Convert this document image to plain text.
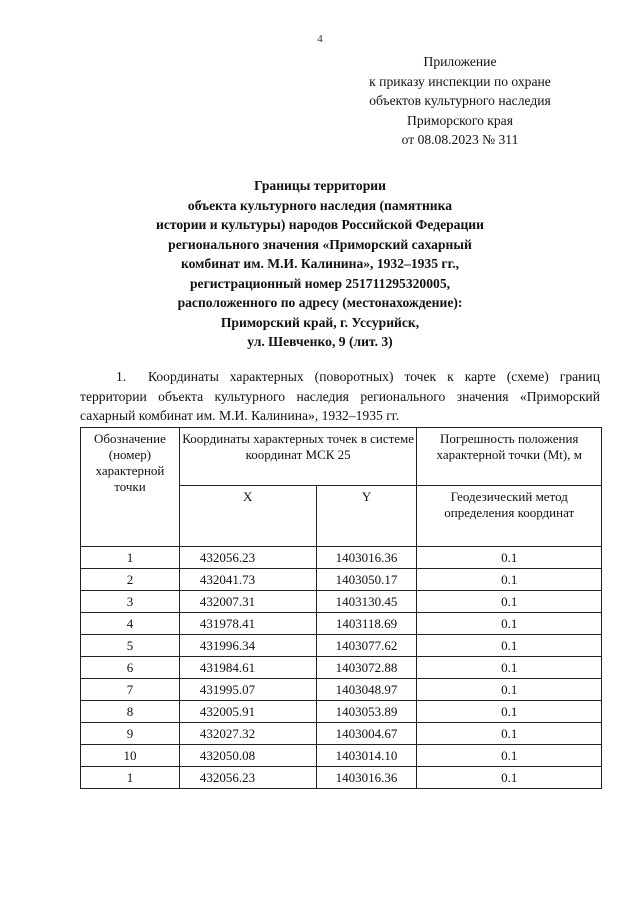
4
Приложение
к приказу инспекции по охране
объектов культурного наследия
Приморского края
от 08.08.2023 № 311
Границы территории
объекта культурного наследия (памятника
истории и культуры) народов Российской Федерации
регионального значения «Приморский сахарный
комбинат им. М.И. Калинина», 1932–1935 гг.,
регистрационный номер 251711295320005,
расположенного по адресу (местонахождение):
Приморский край, г. Уссурийск,
ул. Шевченко, 9 (лит. 3)
1. Координаты характерных (поворотных) точек к карте (схеме) границ территории объекта культурного наследия регионального значения «Приморский сахарный комбинат им. М.И. Калинина», 1932–1935 гг.
Обозначение (номер) характерной точки	Координаты характерных точек в системе координат МСК 25		Погрешность положения характерной точки (Mt), м
	X	Y	Геодезический метод определения координат
1	432056.23	1403016.36	0.1
2	432041.73	1403050.17	0.1
3	432007.31	1403130.45	0.1
4	431978.41	1403118.69	0.1
5	431996.34	1403077.62	0.1
6	431984.61	1403072.88	0.1
7	431995.07	1403048.97	0.1
8	432005.91	1403053.89	0.1
9	432027.32	1403004.67	0.1
10	432050.08	1403014.10	0.1
1	432056.23	1403016.36	0.1
